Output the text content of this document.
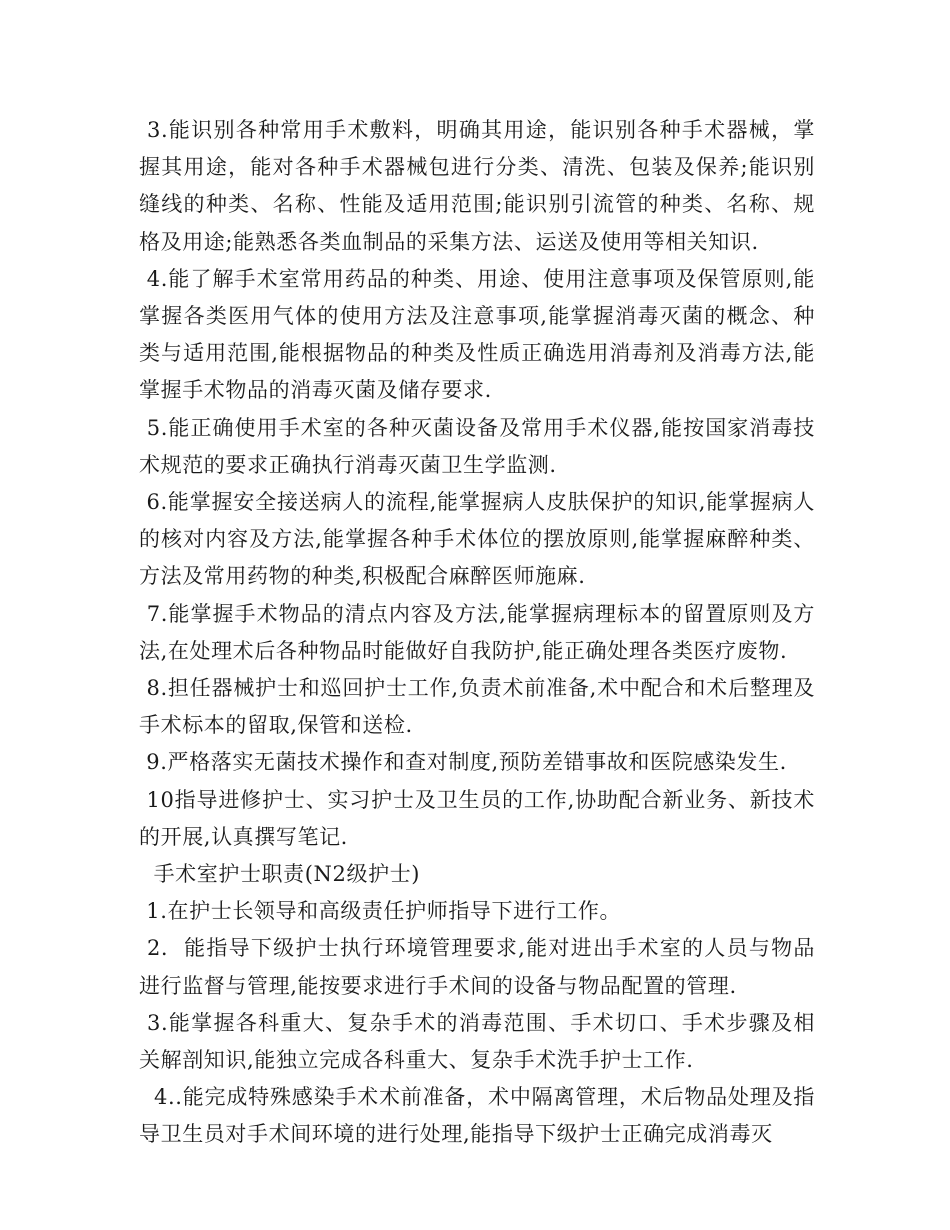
3.能识别各种常用手术敷料，明确其用途，能识别各种手术器械，掌握其用途，能对各种手术器械包进行分类、清洗、包装及保养;能识别缝线的种类、名称、性能及适用范围;能识别引流管的种类、名称、规格及用途;能熟悉各类血制品的采集方法、运送及使用等相关知识.

4.能了解手术室常用药品的种类、用途、使用注意事项及保管原则,能掌握各类医用气体的使用方法及注意事项,能掌握消毒灭菌的概念、种类与适用范围,能根据物品的种类及性质正确选用消毒剂及消毒方法,能掌握手术物品的消毒灭菌及储存要求.

5.能正确使用手术室的各种灭菌设备及常用手术仪器,能按国家消毒技术规范的要求正确执行消毒灭菌卫生学监测.

6.能掌握安全接送病人的流程,能掌握病人皮肤保护的知识,能掌握病人的核对内容及方法,能掌握各种手术体位的摆放原则,能掌握麻醉种类、方法及常用药物的种类,积极配合麻醉医师施麻.

7.能掌握手术物品的清点内容及方法,能掌握病理标本的留置原则及方法,在处理术后各种物品时能做好自我防护,能正确处理各类医疗废物.

8.担任器械护士和巡回护士工作,负责术前准备,术中配合和术后整理及手术标本的留取,保管和送检.

9.严格落实无菌技术操作和查对制度,预防差错事故和医院感染发生.

10指导进修护士、实习护士及卫生员的工作,协助配合新业务、新技术的开展,认真撰写笔记.

手术室护士职责(N2级护士)

1.在护士长领导和高级责任护师指导下进行工作。

2.  能指导下级护士执行环境管理要求,能对进出手术室的人员与物品进行监督与管理,能按要求进行手术间的设备与物品配置的管理.

3.能掌握各科重大、复杂手术的消毒范围、手术切口、手术步骤及相关解剖知识,能独立完成各科重大、复杂手术洗手护士工作.

4..能完成特殊感染手术术前准备，术中隔离管理，术后物品处理及指导卫生员对手术间环境的进行处理,能指导下级护士正确完成消毒灭
